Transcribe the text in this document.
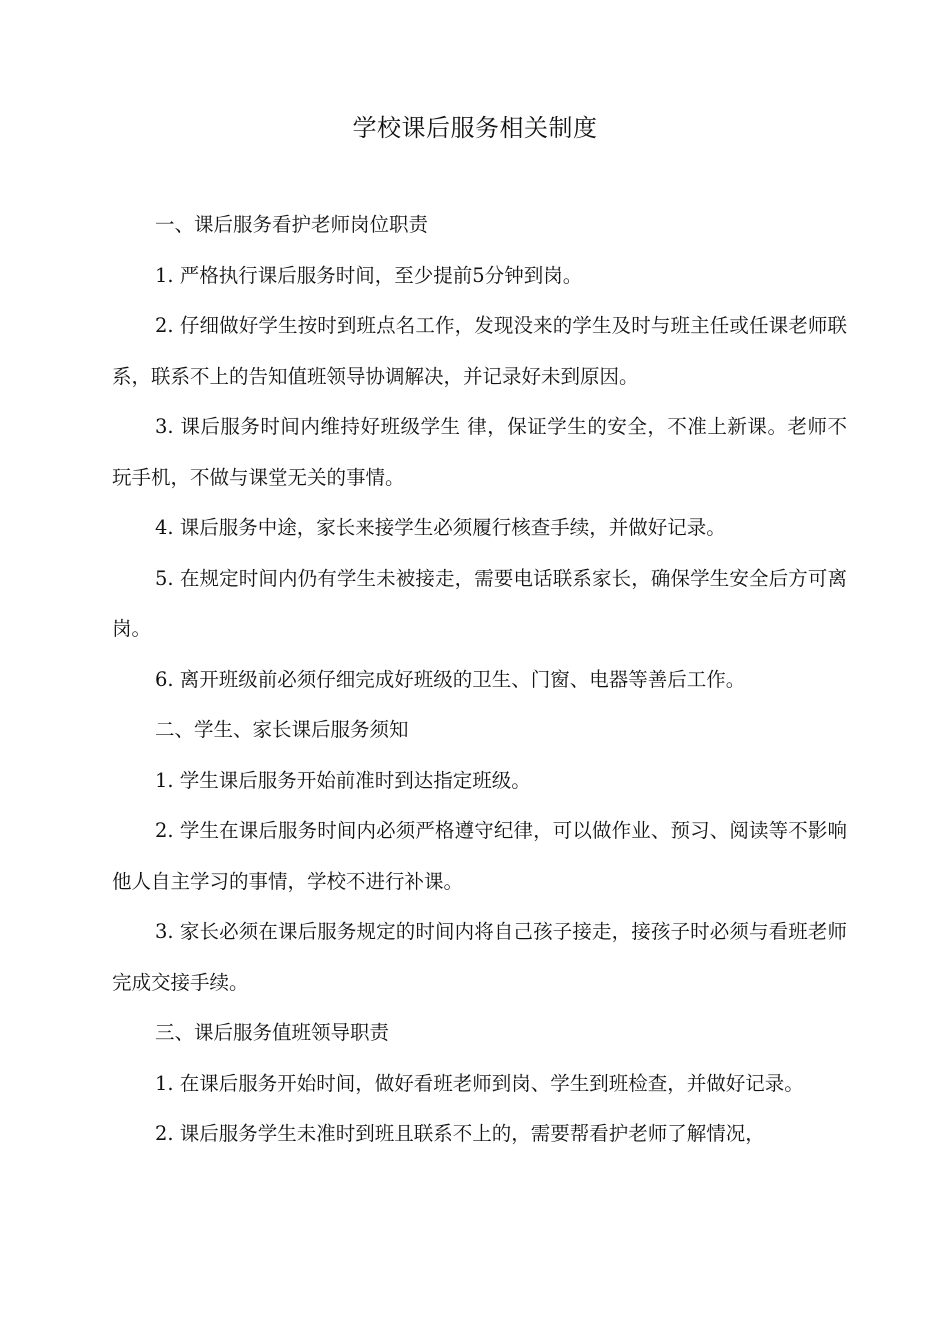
学校课后服务相关制度

一、课后服务看护老师岗位职责

1. 严格执行课后服务时间，至少提前5分钟到岗。

2. 仔细做好学生按时到班点名工作，发现没来的学生及时与班主任或任课老师联系，联系不上的告知值班领导协调解决，并记录好未到原因。

3. 课后服务时间内维持好班级学生 律，保证学生的安全，不准上新课。老师不玩手机，不做与课堂无关的事情。

4. 课后服务中途，家长来接学生必须履行核查手续，并做好记录。

5. 在规定时间内仍有学生未被接走，需要电话联系家长，确保学生安全后方可离岗。

6. 离开班级前必须仔细完成好班级的卫生、门窗、电器等善后工作。

二、学生、家长课后服务须知

1. 学生课后服务开始前准时到达指定班级。

2. 学生在课后服务时间内必须严格遵守纪律，可以做作业、预习、阅读等不影响他人自主学习的事情，学校不进行补课。

3. 家长必须在课后服务规定的时间内将自己孩子接走，接孩子时必须与看班老师完成交接手续。

三、课后服务值班领导职责

1. 在课后服务开始时间，做好看班老师到岗、学生到班检查，并做好记录。

2. 课后服务学生未准时到班且联系不上的，需要帮看护老师了解情况，
